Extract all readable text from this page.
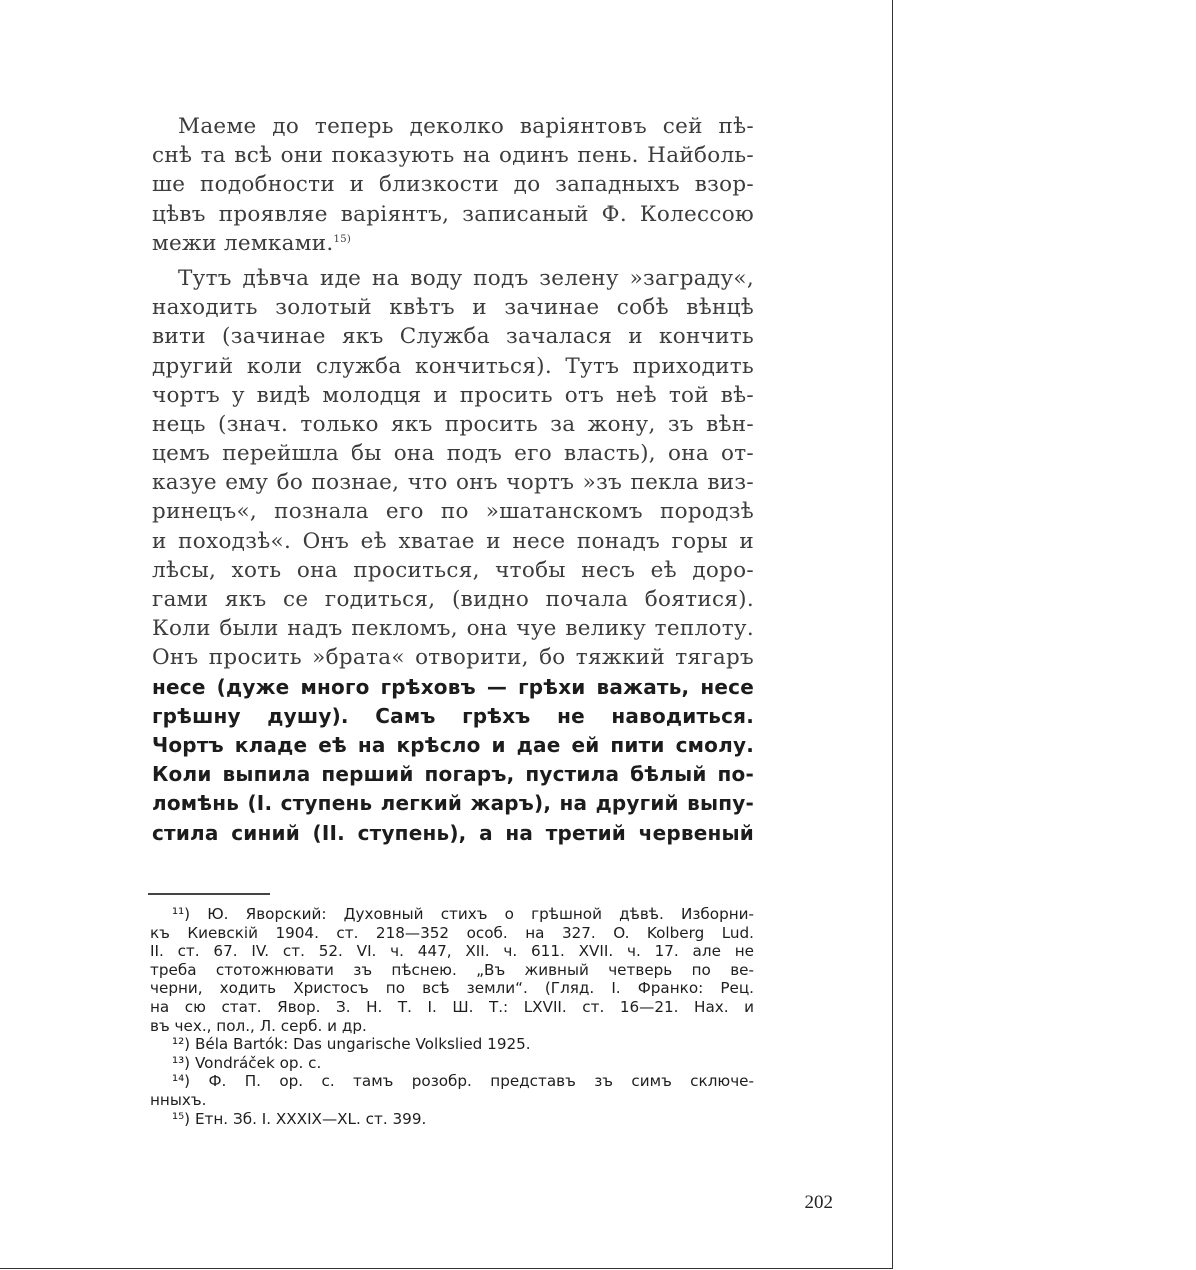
Маеме до теперь деколко варіянтовъ сей пѣ-
снѣ та всѣ они показують на одинъ пень. Найболь-
ше подобности и близкости до западныхъ взор-
цѣвъ проявляе варіянтъ, записаный Ф. Колессою
межи лемками.$^{15)}$
Тутъ дѣвча иде на воду подъ зелену »заграду«,
находить золотый квѣтъ и зачинае собѣ вѣнцѣ
вити (зачинае якъ Служба зачалася и кончить
другий коли служба кончиться). Тутъ приходить
чортъ у видѣ молодця и просить отъ неѣ той вѣ-
нець (знач. только якъ просить за жону, зъ вѣн-
цемъ перейшла бы она подъ его власть), она от-
казуе ему бо познае, что онъ чортъ »зъ пекла виз-
ринецъ«, познала его по »шатанскомъ породзѣ
и походзѣ«. Онъ еѣ хватае и несе понадъ горы и
лѣсы, хоть она проситься, чтобы несъ еѣ доро-
гами якъ се годиться, (видно почала боятися).
Коли были надъ пекломъ, она чуе велику теплоту.
Онъ просить »брата« отворити, бо тяжкий тягаръ
несе (дуже много грѣховъ — грѣхи важать, несе
грѣшну душу). Самъ грѣхъ не наводиться.
Чортъ кладе еѣ на крѣсло и дае ей пити смолу.
Коли выпила перший погаръ, пустила бѣлый по-
ломѣнь (I. ступень легкий жаръ), на другий выпу-
стила синий (II. ступень), а на третий червеный
¹¹) Ю. Яворский: Духовный стихъ о грѣшной дѣвѣ. Изборни-
къ Киевскій 1904. ст. 218—352 особ. на 327. O. Kolberg Lud.
II. ст. 67. IV. ст. 52. VI. ч. 447, XII. ч. 611. XVII. ч. 17. але не
треба стотожнювати зъ пѣснею. „Въ живный четверь по ве-
черни, ходить Христосъ по всѣ земли“. (Гляд. І. Франко: Рец.
на сю стат. Явор. З. Н. Т. І. Ш. Т.: LXVII. ст. 16—21. Нах. и
въ чех., пол., Л. серб. и др.
¹²) Béla Bartók: Das ungarische Volkslied 1925.
¹³) Vondráček op. c.
¹⁴) Ф. П. op. c. тамъ розобр. представъ зъ симъ сключе-
нныхъ.
¹⁵) Етн. Зб. І. XXXIX—XL. ст. 399.
202
